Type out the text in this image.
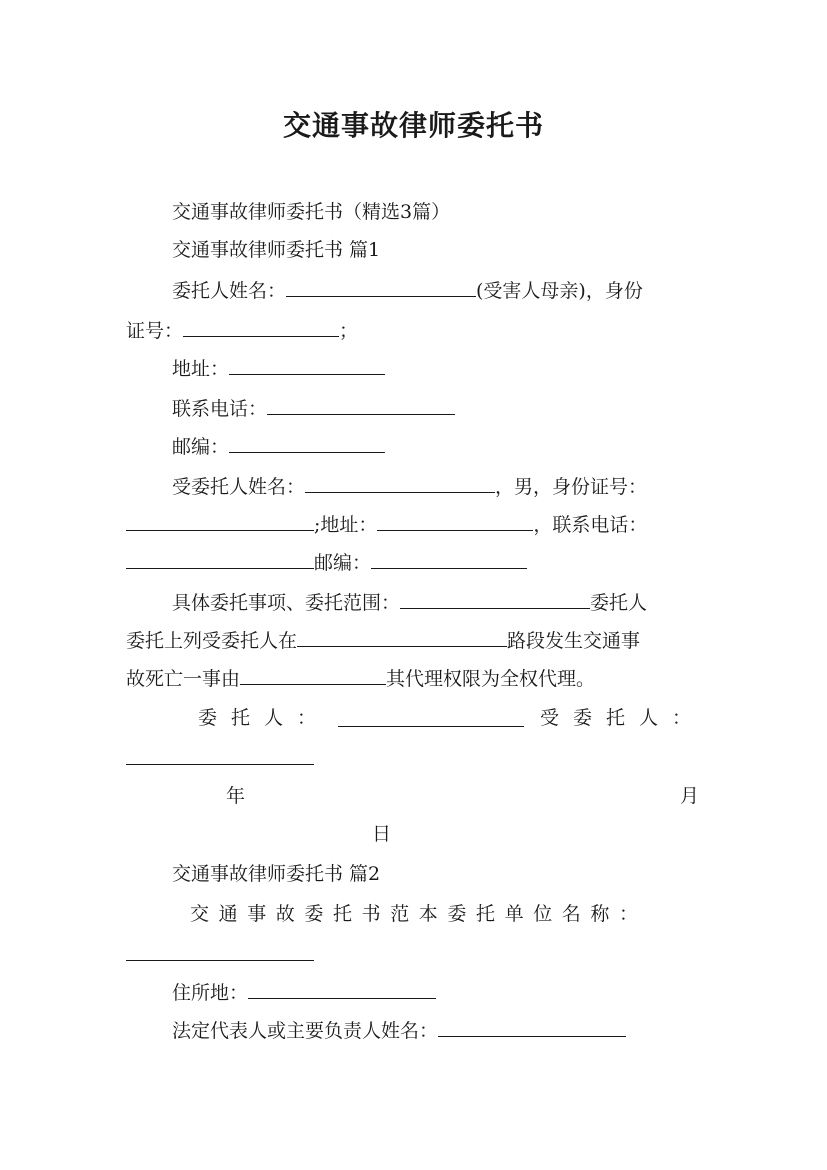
交通事故律师委托书
交通事故律师委托书（精选3篇）
交通事故律师委托书 篇1
委托人姓名：	(受害人母亲)，身份
证号：	；
地址：
联系电话：
邮编：
受委托人姓名：	，男，身份证号：
;地址：	，联系电话：
邮编：
具体委托事项、委托范围：	委托人
委托上列受委托人在	路段发生交通事
故死亡一事由	其代理权限为全权代理。
委托人：	受委托人：
年	月
日
交通事故律师委托书 篇2
交通事故委托书范本委托单位名称：
住所地：
法定代表人或主要负责人姓名：
